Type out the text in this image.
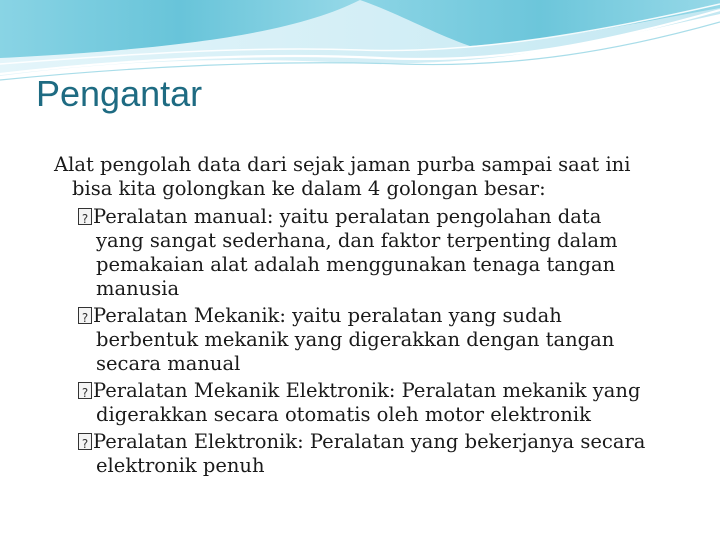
Pengantar
Alat pengolah data dari sejak jaman purba sampai saat ini
bisa kita golongkan ke dalam 4 golongan besar:
?Peralatan manual: yaitu peralatan pengolahan data
yang sangat sederhana, dan faktor terpenting dalam
pemakaian alat adalah menggunakan tenaga tangan
manusia
?Peralatan Mekanik: yaitu peralatan yang sudah
berbentuk mekanik yang digerakkan dengan tangan
secara manual
?Peralatan Mekanik Elektronik: Peralatan mekanik yang
digerakkan secara otomatis oleh motor elektronik
?Peralatan Elektronik: Peralatan yang bekerjanya secara
elektronik penuh
